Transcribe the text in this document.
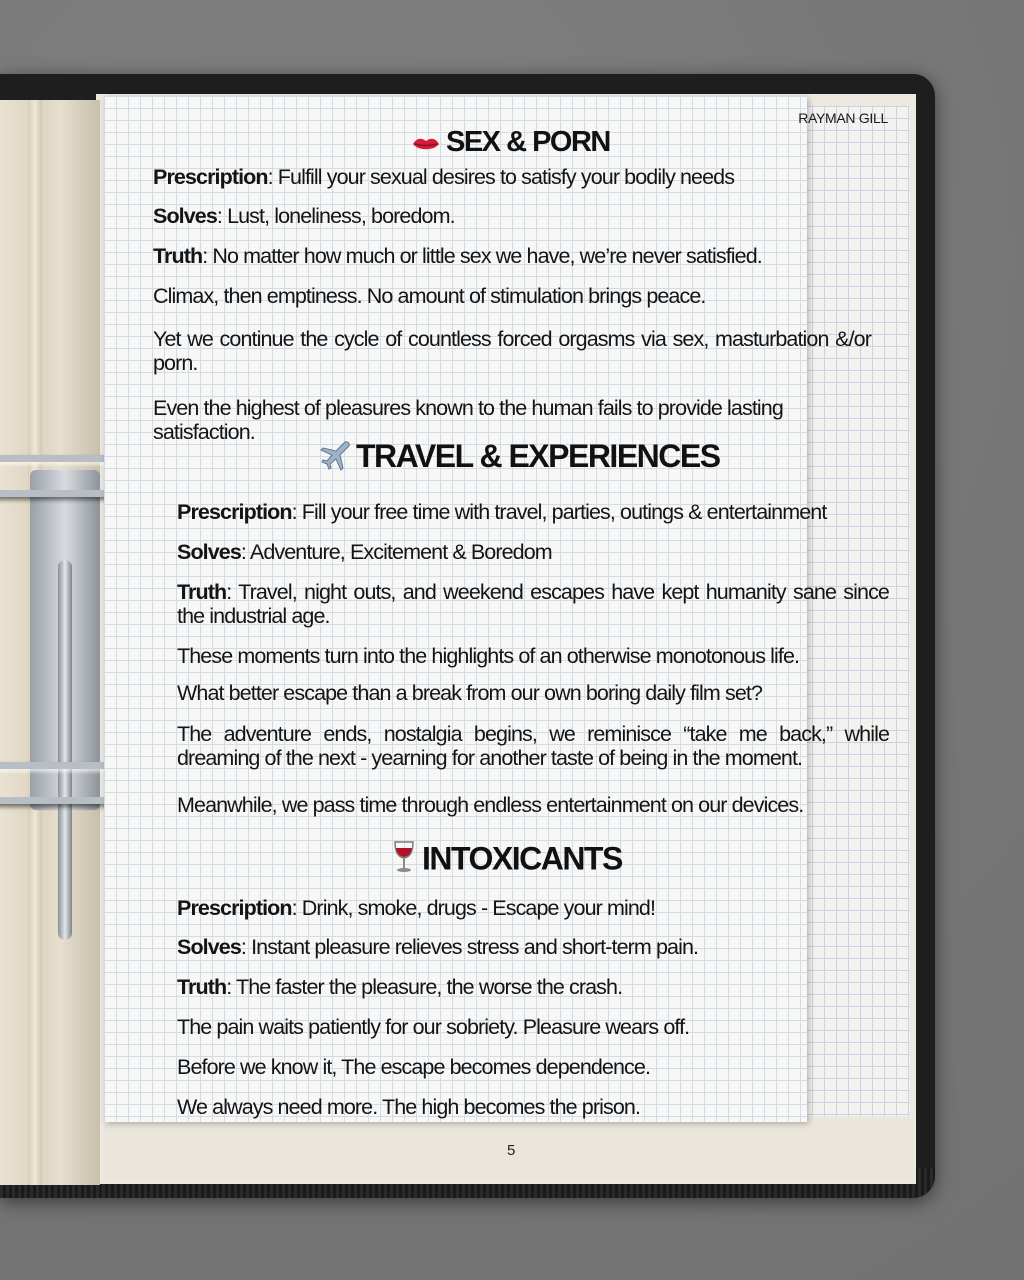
RAYMAN GILL
SEX & PORN
Prescription: Fulfill your sexual desires to satisfy your bodily needs
Solves: Lust, loneliness, boredom.
Truth: No matter how much or little sex we have, we’re never satisfied.
Climax, then emptiness. No amount of stimulation brings peace.
Yet we continue the cycle of countless forced orgasms via sex, masturbation &/or porn.
Even the highest of pleasures known to the human fails to provide lasting satisfaction.
TRAVEL & EXPERIENCES
Prescription: Fill your free time with travel, parties, outings & entertainment
Solves: Adventure, Excitement & Boredom
Truth: Travel, night outs, and weekend escapes have kept humanity sane since the industrial age.
These moments turn into the highlights of an otherwise monotonous life.
What better escape than a break from our own boring daily film set?
The adventure ends, nostalgia begins, we reminisce “take me back,” while dreaming of the next - yearning for another taste of being in the moment.
Meanwhile, we pass time through endless entertainment on our devices.
INTOXICANTS
Prescription: Drink, smoke, drugs - Escape your mind!
Solves: Instant pleasure relieves stress and short-term pain.
Truth: The faster the pleasure, the worse the crash.
The pain waits patiently for our sobriety. Pleasure wears off.
Before we know it, The escape becomes dependence.
We always need more. The high becomes the prison.
5
